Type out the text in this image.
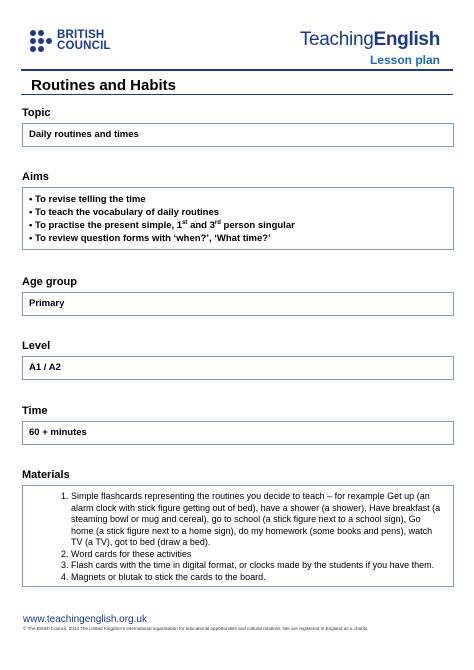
BRITISH
COUNCIL	TeachingEnglish
Lesson plan
Routines and Habits
Topic
Daily routines and times
Aims
• To revise telling the time
• To teach the vocabulary of daily routines
• To practise the present simple, 1st and 3rd person singular
• To review question forms with ‘when?’, ‘What time?’
Age group
Primary
Level
A1 / A2
Time
60 + minutes
Materials
1. Simple flashcards representing the routines you decide to teach – for rexample Get up (an alarm clock with stick figure getting out of bed), have a shower (a shower), Have breakfast (a steaming bowl or mug and cereal), go to school (a stick figure next to a school sign), Go home (a stick figure next to a home sign), do my homework (some books and pens), watch TV (a TV), got to bed (draw a bed).
2. Word cards for these activities
3. Flash cards with the time in digital format, or clocks made by the students if you have them.
4. Magnets or blutak to stick the cards to the board.
www.teachingenglish.org.uk
© The British Council, 2013 The United Kingdom’s international organisation for educational opportunities and cultural relations. We are registered in England as a charity.
